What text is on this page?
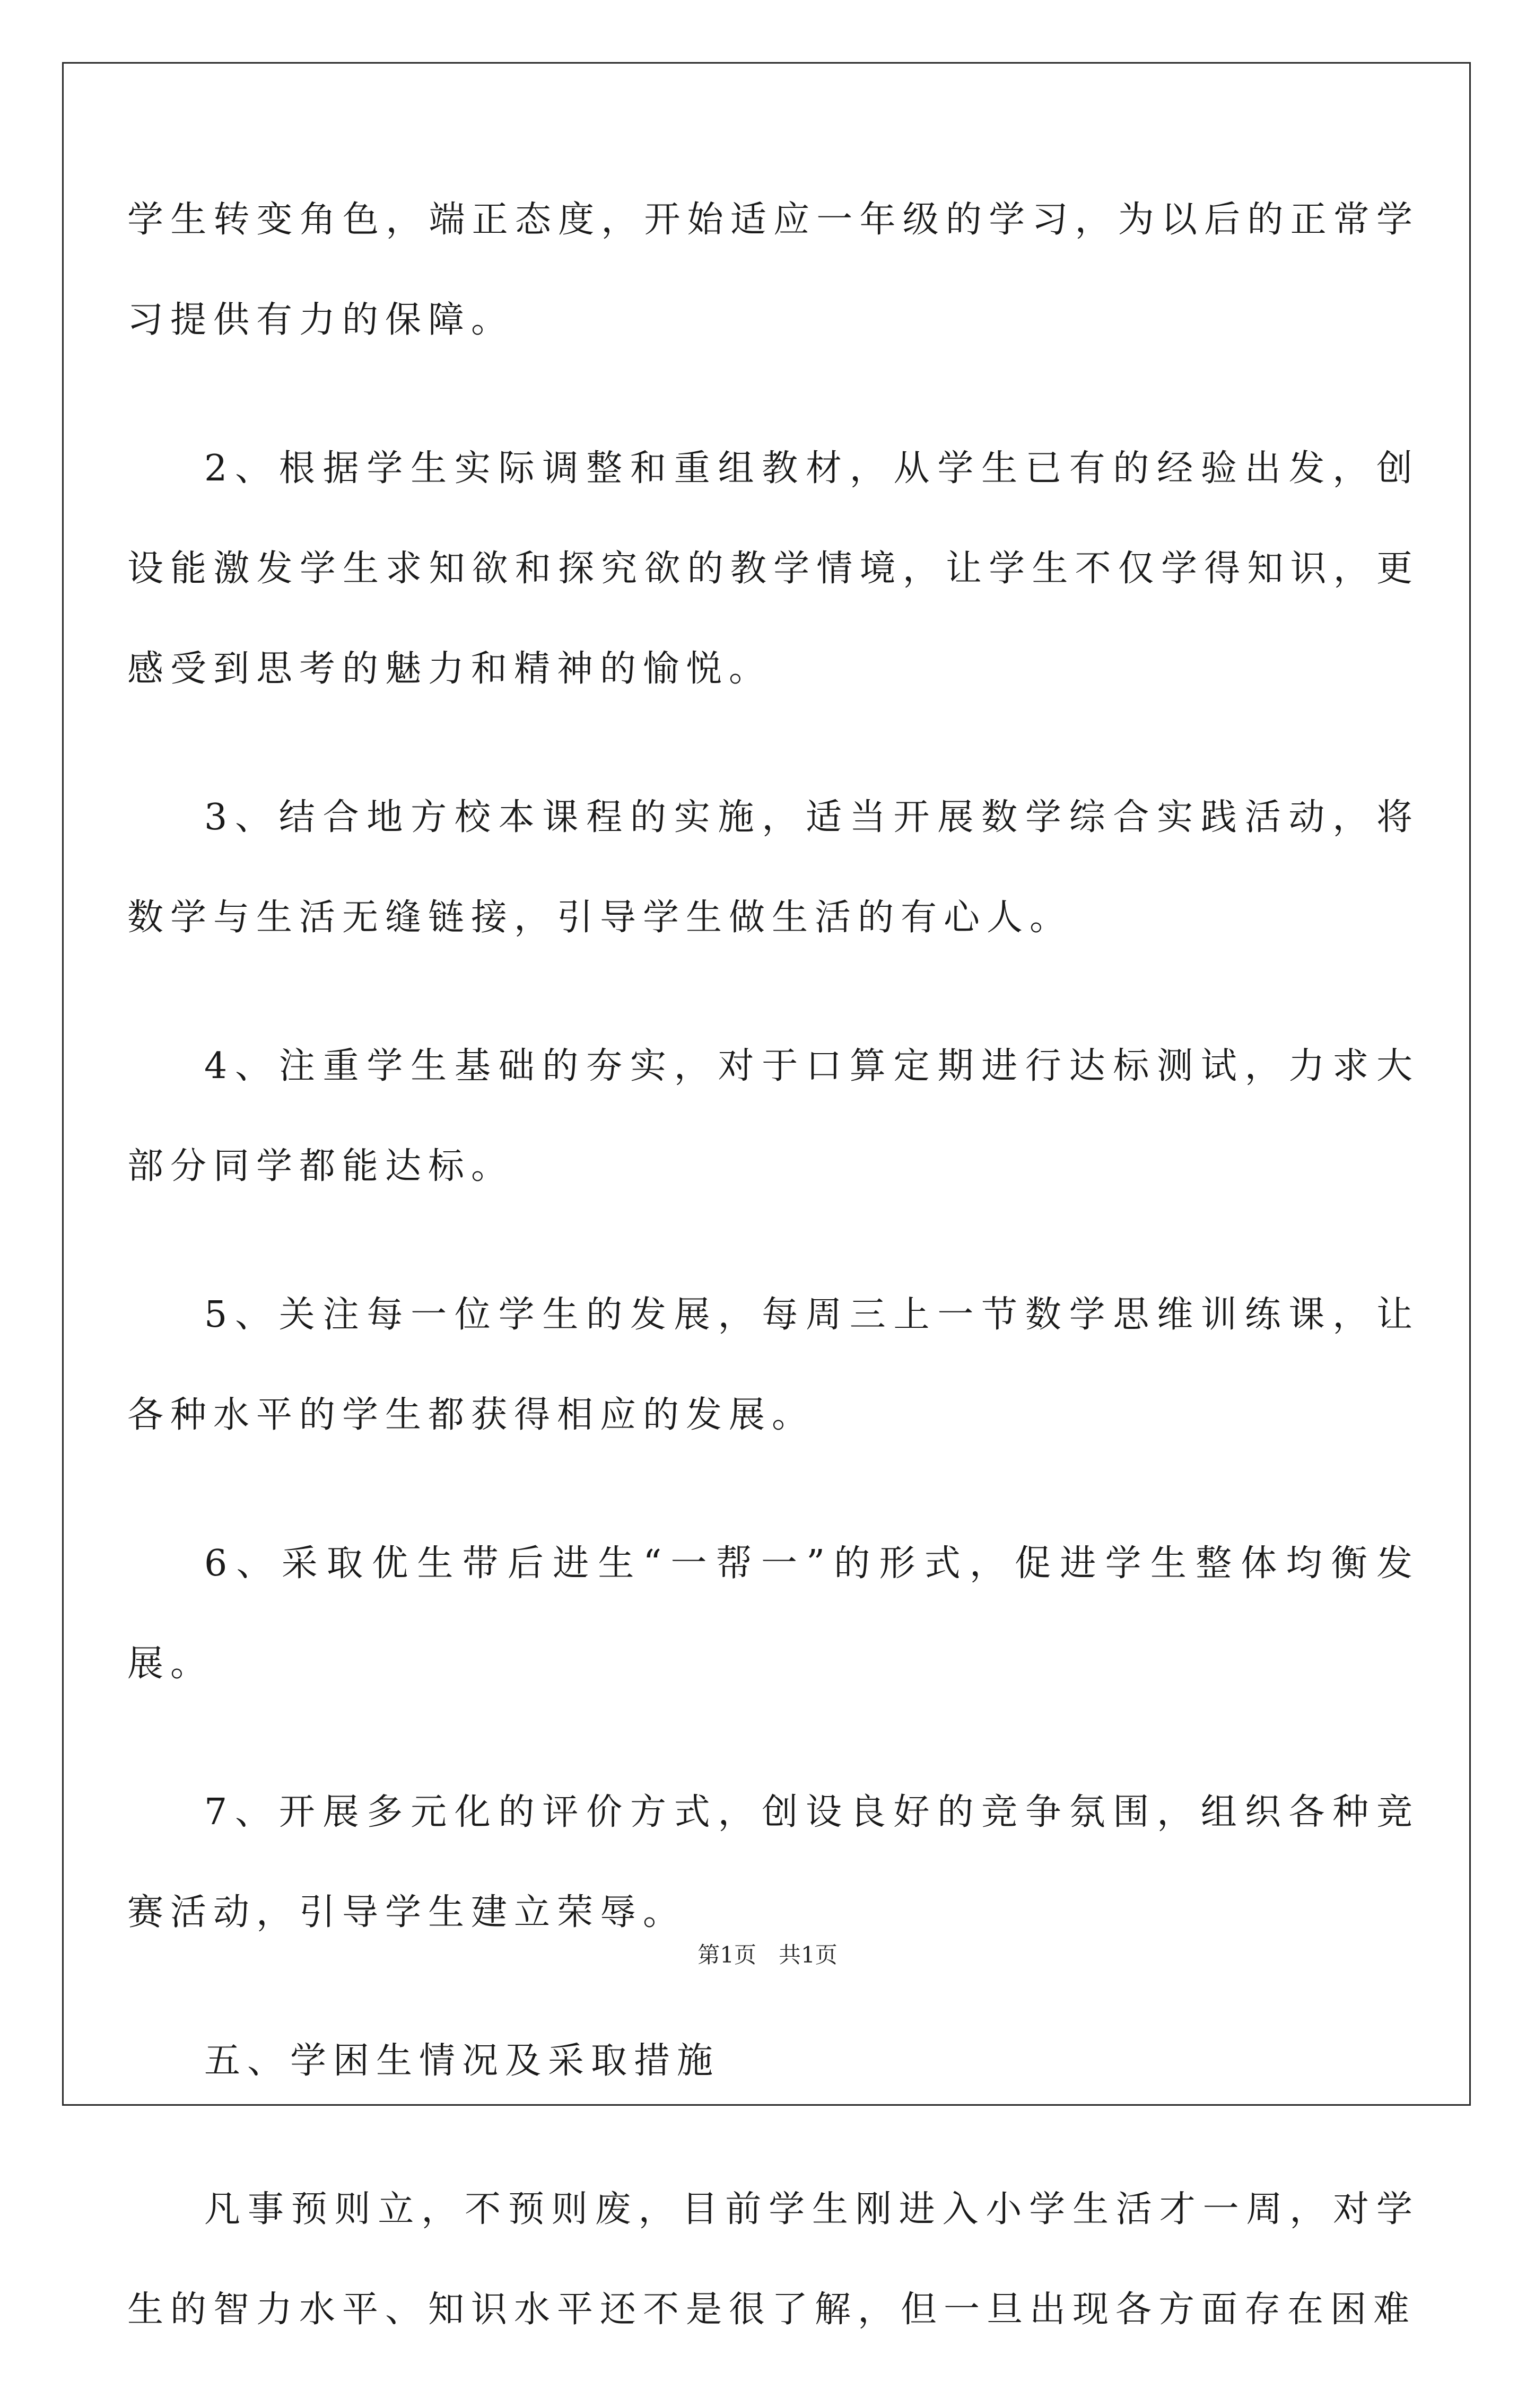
学生转变角色，端正态度，开始适应一年级的学习，为以后的正常学习提供有力的保障。

2、根据学生实际调整和重组教材，从学生已有的经验出发，创设能激发学生求知欲和探究欲的教学情境，让学生不仅学得知识，更感受到思考的魅力和精神的愉悦。

3、结合地方校本课程的实施，适当开展数学综合实践活动，将数学与生活无缝链接，引导学生做生活的有心人。

4、注重学生基础的夯实，对于口算定期进行达标测试，力求大部分同学都能达标。

5、关注每一位学生的发展，每周三上一节数学思维训练课，让各种水平的学生都获得相应的发展。

6、采取优生带后进生“一帮一”的形式，促进学生整体均衡发展。

7、开展多元化的评价方式，创设良好的竞争氛围，组织各种竞赛活动，引导学生建立荣辱。

五、学困生情况及采取措施

凡事预则立，不预则废，目前学生刚进入小学生活才一周，对学生的智力水平、知识水平还不是很了解，但一旦出现各方面存在困难

第1页　共1页
